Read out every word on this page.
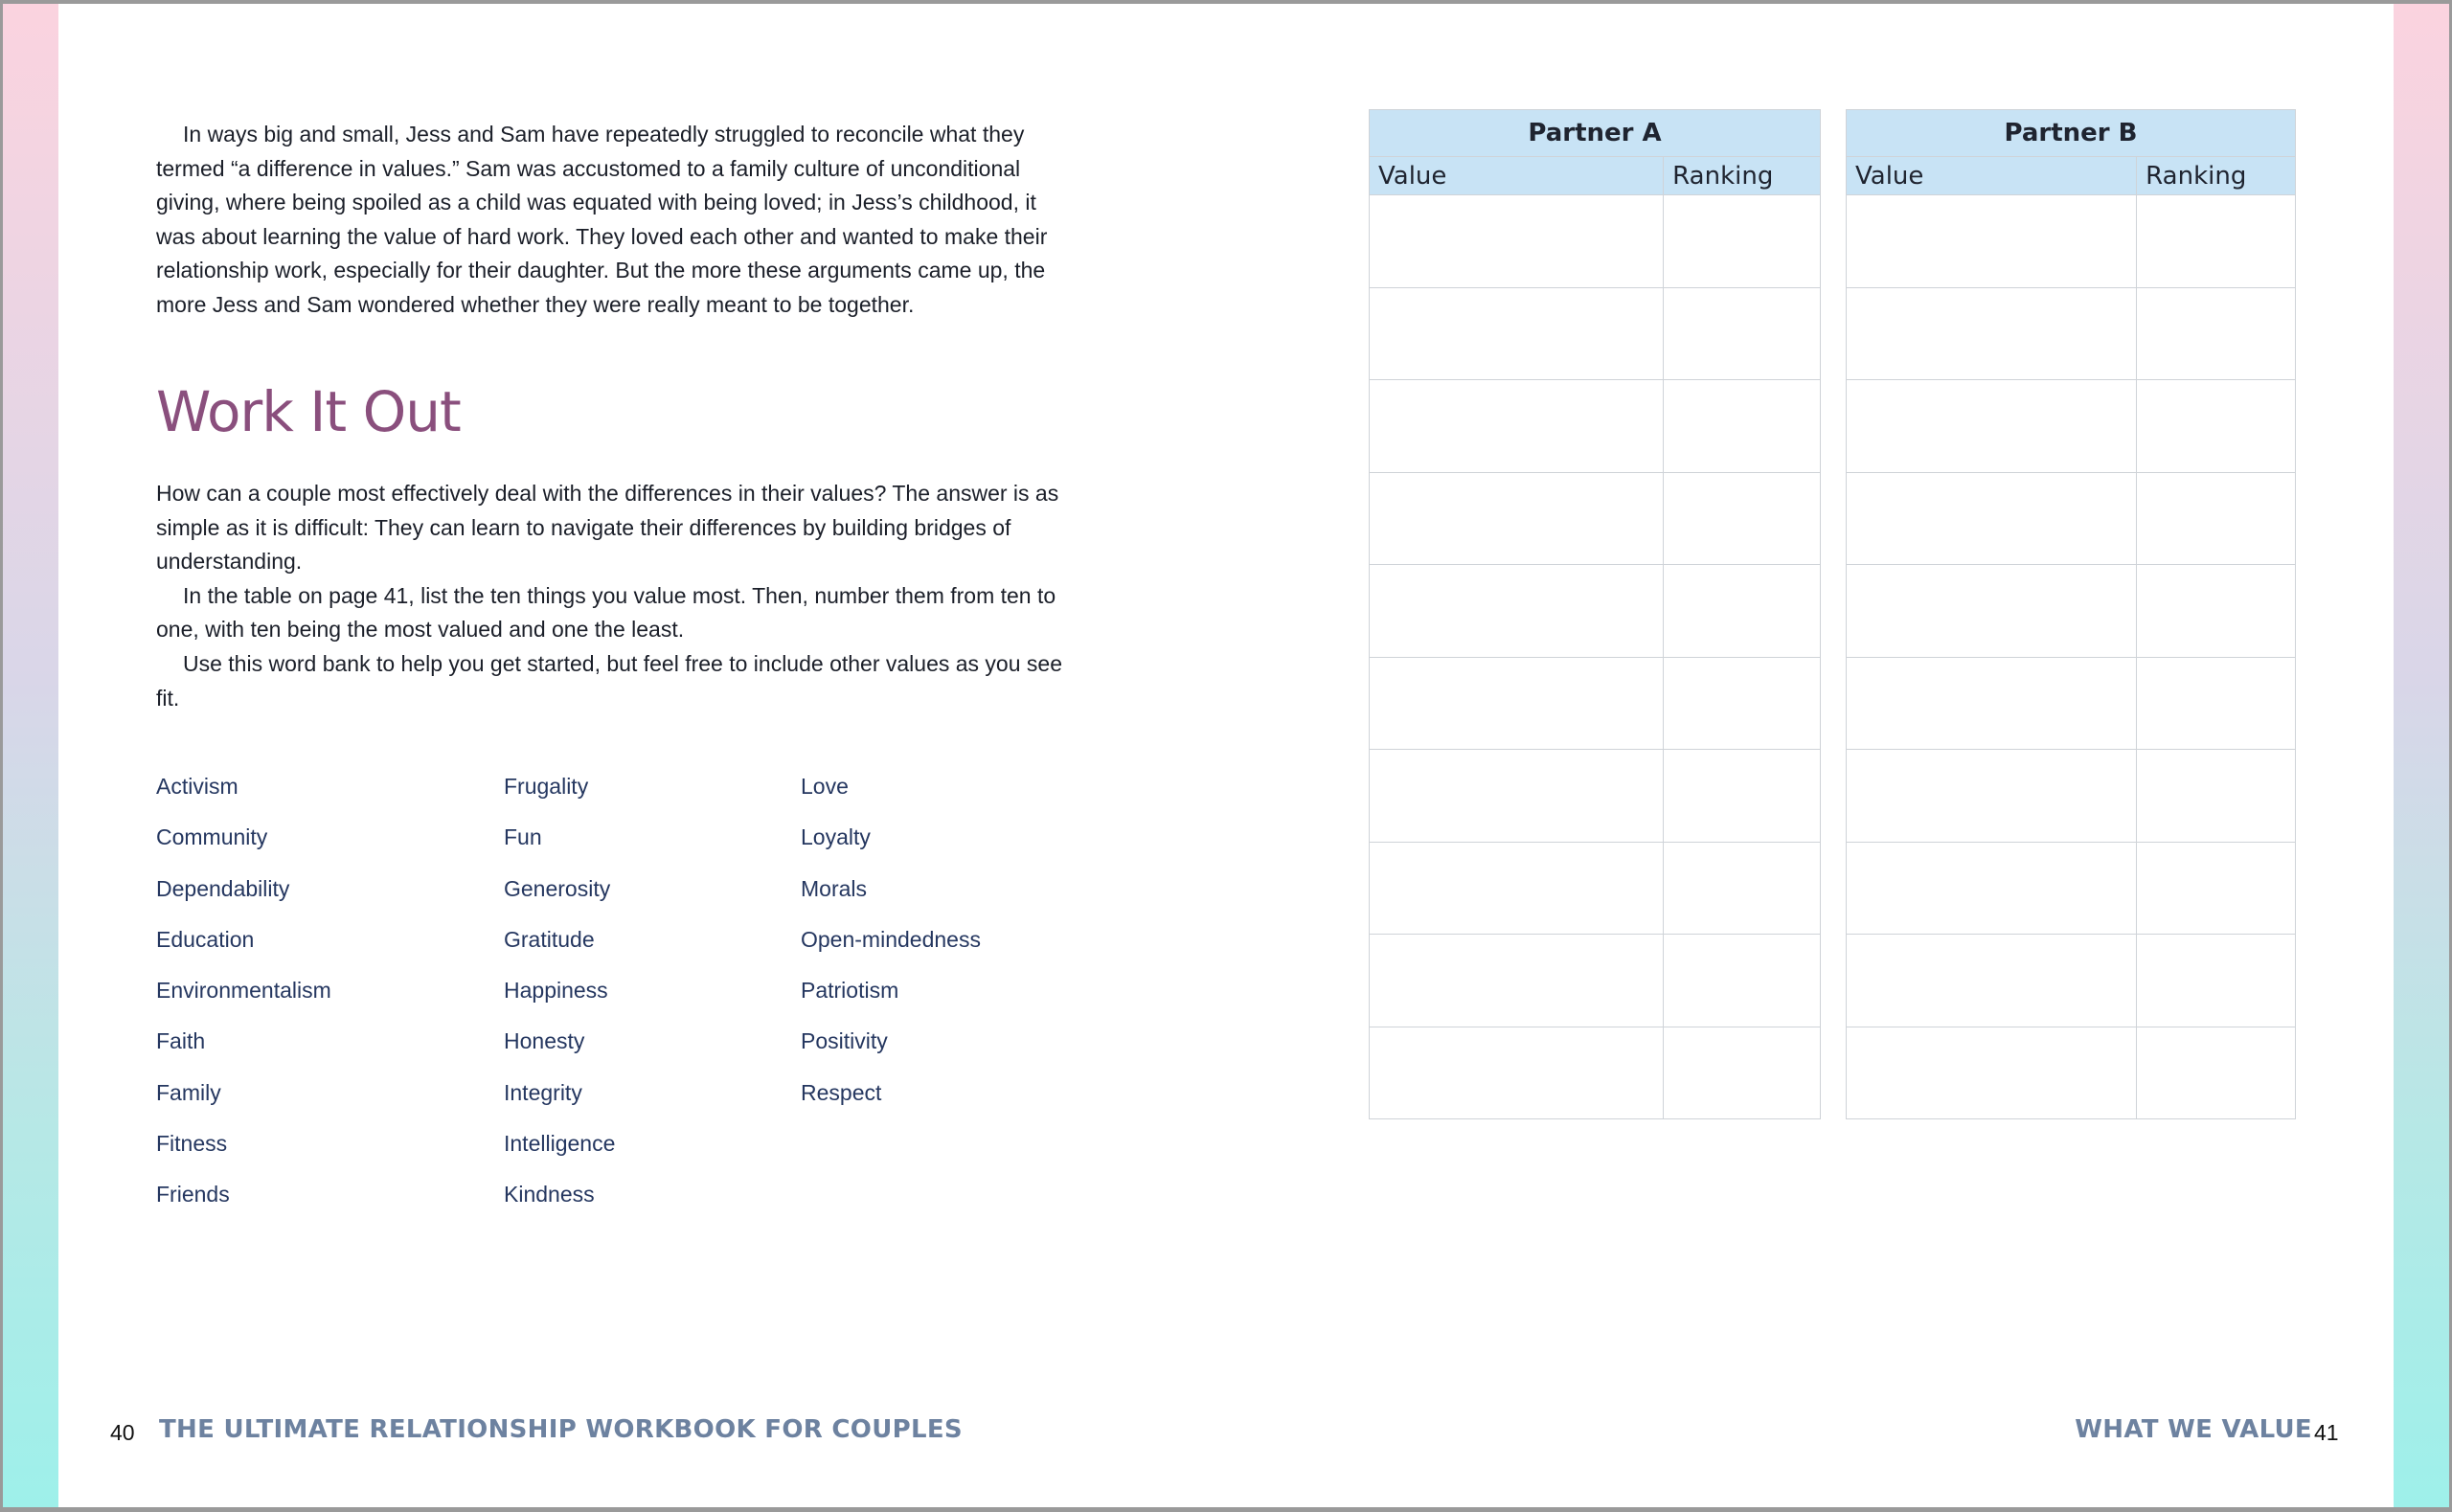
In ways big and small, Jess and Sam have repeatedly struggled to reconcile what they termed “a difference in values.” Sam was accustomed to a family culture of unconditional giving, where being spoiled as a child was equated with being loved; in Jess’s childhood, it was about learning the value of hard work. They loved each other and wanted to make their relationship work, especially for their daughter. But the more these arguments came up, the more Jess and Sam wondered whether they were really meant to be together.

Work It Out

How can a couple most effectively deal with the differences in their values? The answer is as simple as it is difficult: They can learn to navigate their differences by building bridges of understanding.

In the table on page 41, list the ten things you value most. Then, number them from ten to one, with ten being the most valued and one the least.

Use this word bank to help you get started, but feel free to include other values as you see fit.

Activism
Community
Dependability
Education
Environmentalism
Faith
Family
Fitness
Friends
Frugality
Fun
Generosity
Gratitude
Happiness
Honesty
Integrity
Intelligence
Kindness
Love
Loyalty
Morals
Open-mindedness
Patriotism
Positivity
Respect
Partner A	
Value	Ranking

Partner B	
Value	Ranking

40 THE ULTIMATE RELATIONSHIP WORKBOOK FOR COUPLES	WHAT WE VALUE 41
